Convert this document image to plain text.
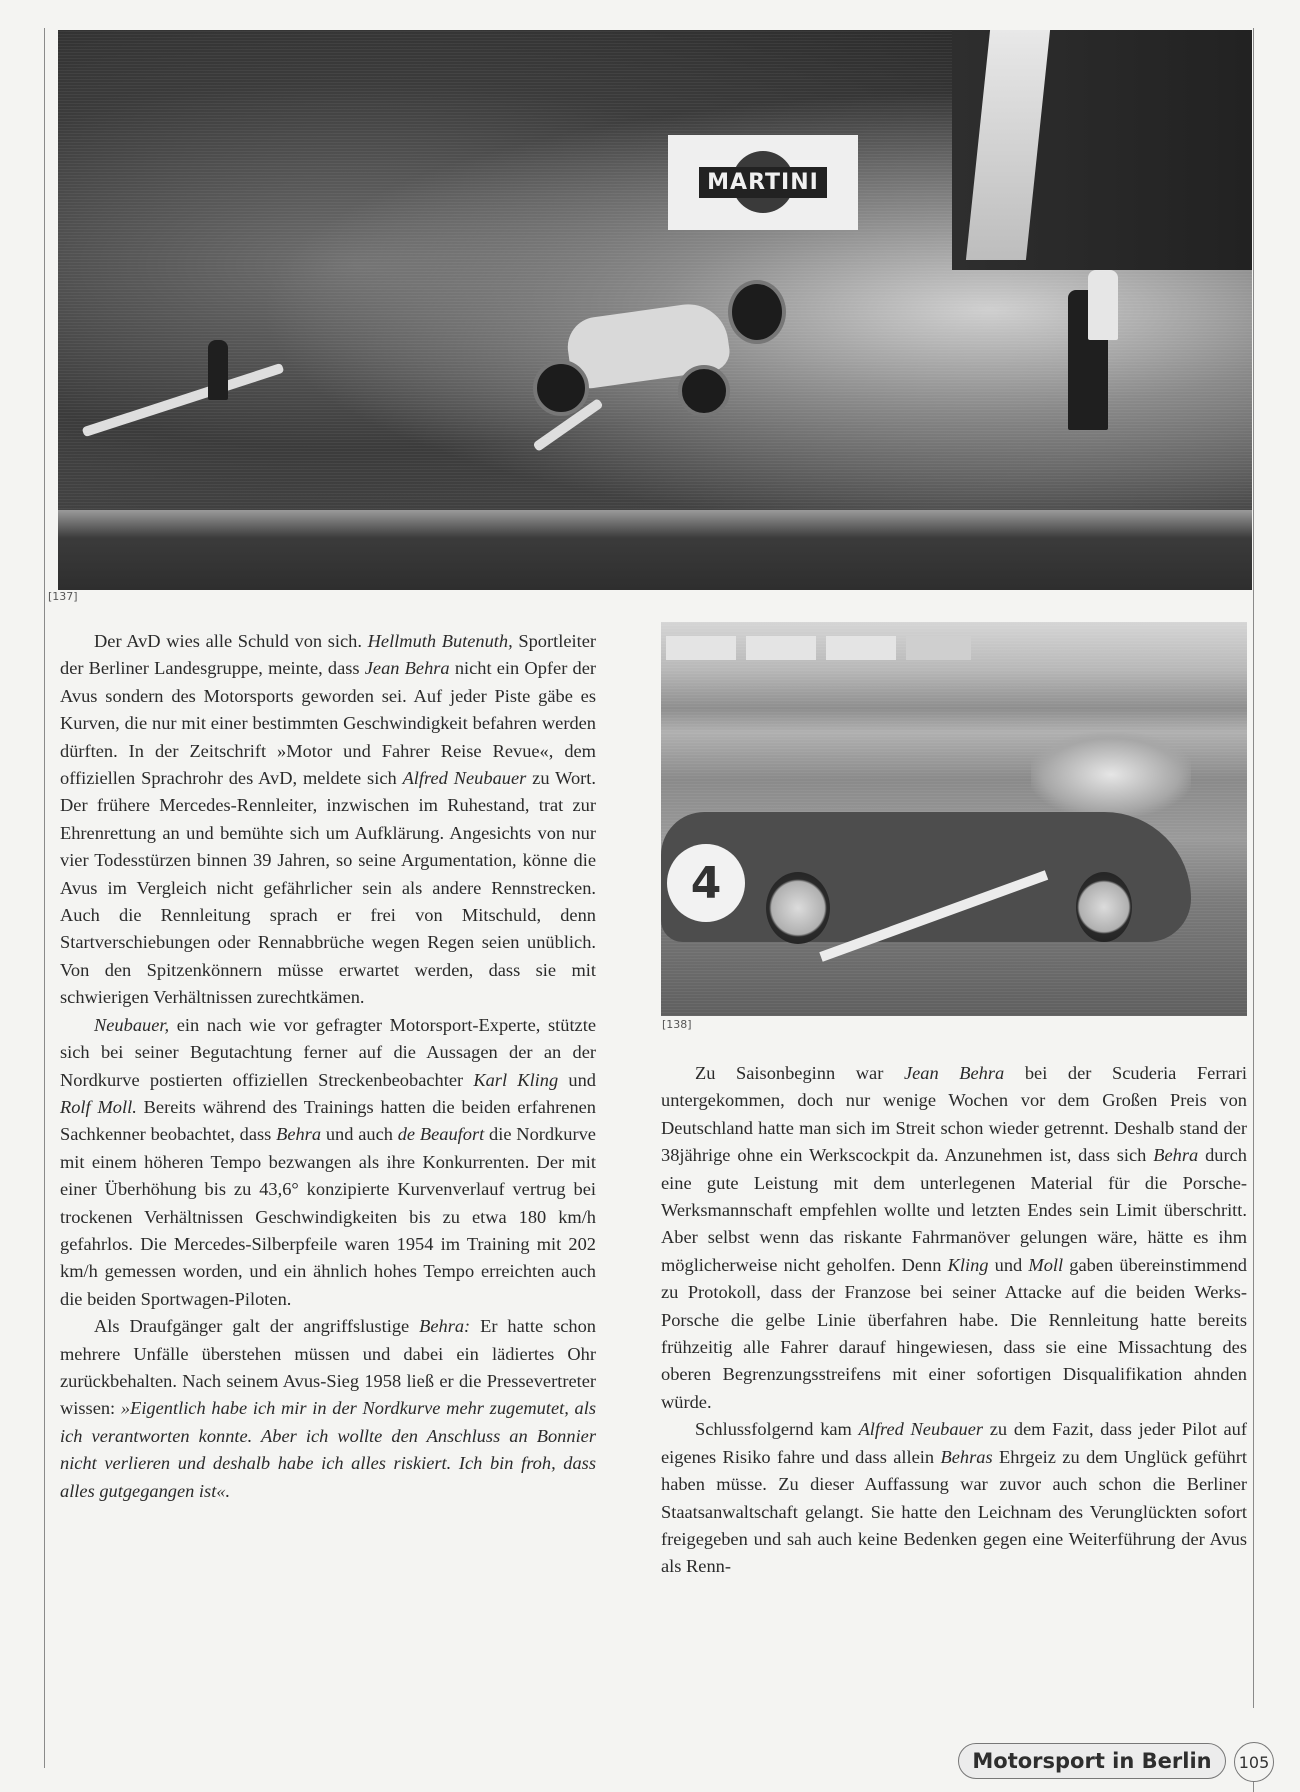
MARTINI
[137]
4
[138]

Der AvD wies alle Schuld von sich. Hellmuth Butenuth, Sportleiter der Berliner Landesgruppe, meinte, dass Jean Behra nicht ein Opfer der Avus sondern des Motorsports geworden sei. Auf jeder Piste gäbe es Kurven, die nur mit einer bestimmten Geschwindigkeit befahren werden dürften. In der Zeitschrift »Motor und Fahrer Reise Revue«, dem offiziellen Sprachrohr des AvD, meldete sich Alfred Neubauer zu Wort. Der frühere Mercedes-Rennleiter, inzwischen im Ruhestand, trat zur Ehrenrettung an und bemühte sich um Aufklärung. Angesichts von nur vier Todesstürzen binnen 39 Jahren, so seine Argumentation, könne die Avus im Vergleich nicht gefährlicher sein als andere Rennstrecken. Auch die Rennleitung sprach er frei von Mitschuld, denn Startverschiebungen oder Rennabbrüche wegen Regen seien unüblich. Von den Spitzenkönnern müsse erwartet werden, dass sie mit schwierigen Verhältnissen zurechtkämen.

Neubauer, ein nach wie vor gefragter Motorsport-Experte, stützte sich bei seiner Begutachtung ferner auf die Aussagen der an der Nordkurve postierten offiziellen Streckenbeobachter Karl Kling und Rolf Moll. Bereits während des Trainings hatten die beiden erfahrenen Sachkenner beobachtet, dass Behra und auch de Beaufort die Nordkurve mit einem höheren Tempo bezwangen als ihre Konkurrenten. Der mit einer Überhöhung bis zu 43,6° konzipierte Kurvenverlauf vertrug bei trockenen Verhältnissen Geschwindigkeiten bis zu etwa 180 km/h gefahrlos. Die Mercedes-Silberpfeile waren 1954 im Training mit 202 km/h gemessen worden, und ein ähnlich hohes Tempo erreichten auch die beiden Sportwagen-Piloten.

Als Draufgänger galt der angriffslustige Behra: Er hatte schon mehrere Unfälle überstehen müssen und dabei ein lädiertes Ohr zurückbehalten. Nach seinem Avus-Sieg 1958 ließ er die Pressevertreter wissen: »Eigentlich habe ich mir in der Nordkurve mehr zugemutet, als ich verantworten konnte. Aber ich wollte den Anschluss an Bonnier nicht verlieren und deshalb habe ich alles riskiert. Ich bin froh, dass alles gutgegangen ist«.

Zu Saisonbeginn war Jean Behra bei der Scuderia Ferrari untergekommen, doch nur wenige Wochen vor dem Großen Preis von Deutschland hatte man sich im Streit schon wieder getrennt. Deshalb stand der 38jährige ohne ein Werkscockpit da. Anzunehmen ist, dass sich Behra durch eine gute Leistung mit dem unterlegenen Material für die Porsche-Werksmannschaft empfehlen wollte und letzten Endes sein Limit überschritt. Aber selbst wenn das riskante Fahrmanöver gelungen wäre, hätte es ihm möglicherweise nicht geholfen. Denn Kling und Moll gaben übereinstimmend zu Protokoll, dass der Franzose bei seiner Attacke auf die beiden Werks-Porsche die gelbe Linie überfahren habe. Die Rennleitung hatte bereits frühzeitig alle Fahrer darauf hingewiesen, dass sie eine Missachtung des oberen Begrenzungsstreifens mit einer sofortigen Disqualifikation ahnden würde.

Schlussfolgernd kam Alfred Neubauer zu dem Fazit, dass jeder Pilot auf eigenes Risiko fahre und dass allein Behras Ehrgeiz zu dem Unglück geführt haben müsse. Zu dieser Auffassung war zuvor auch schon die Berliner Staatsanwaltschaft gelangt. Sie hatte den Leichnam des Verunglückten sofort freigegeben und sah auch keine Bedenken gegen eine Weiterführung der Avus als Renn-

Motorsport in Berlin	105
